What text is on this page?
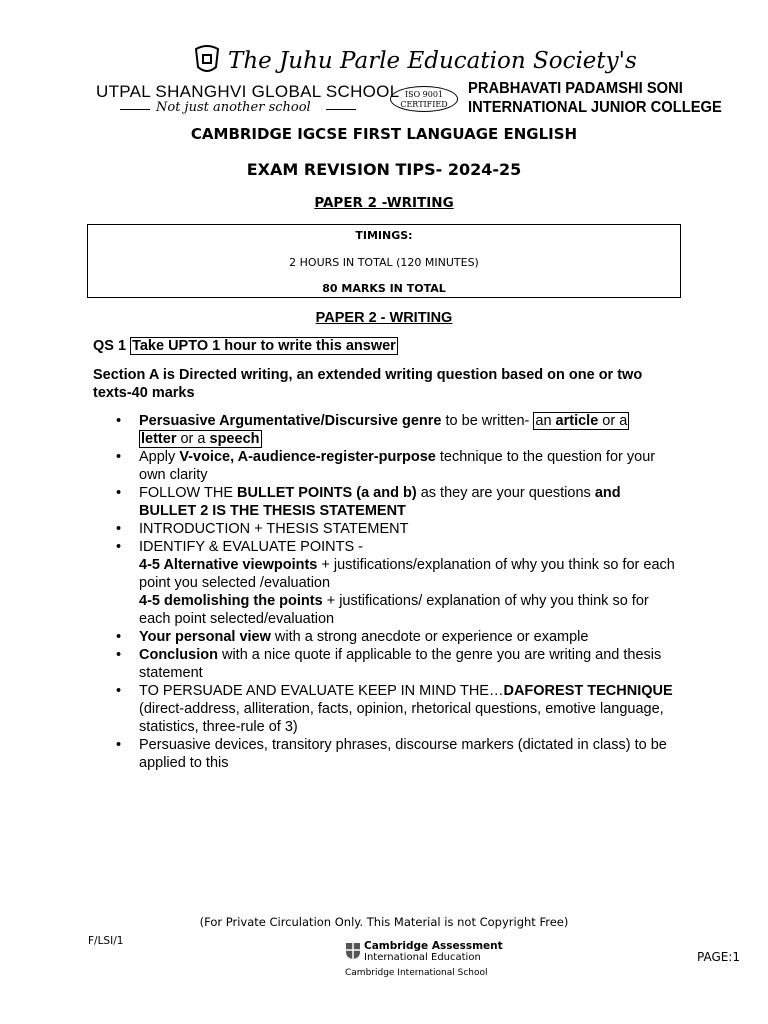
The Juhu Parle Education Society's
UTPAL SHANGHVI GLOBAL SCHOOL
Not just another school
ISO 9001
CERTIFIED
PRABHAVATI PADAMSHI SONI
INTERNATIONAL JUNIOR COLLEGE
CAMBRIDGE IGCSE FIRST LANGUAGE ENGLISH
EXAM REVISION TIPS- 2024-25
PAPER 2 -WRITING
TIMINGS:
2 HOURS IN TOTAL (120 MINUTES)
80 MARKS IN TOTAL
PAPER 2 - WRITING
QS 1 Take UPTO 1 hour to write this answer
Section A is Directed writing, an extended writing question based on one or two texts-40 marks
• Persuasive Argumentative/Discursive genre to be written- an article or a
letter or a speech
• Apply V-voice, A-audience-register-purpose technique to the question for your own clarity
• FOLLOW THE BULLET POINTS (a and b) as they are your questions and BULLET 2 IS THE THESIS STATEMENT
• INTRODUCTION + THESIS STATEMENT
• IDENTIFY & EVALUATE POINTS -
4-5 Alternative viewpoints + justifications/explanation of why you think so for each point you selected /evaluation
4-5 demolishing the points + justifications/ explanation of why you think so for each point selected/evaluation
• Your personal view with a strong anecdote or experience or example
• Conclusion with a nice quote if applicable to the genre you are writing and thesis statement
• TO PERSUADE AND EVALUATE KEEP IN MIND THE…DAFOREST TECHNIQUE (direct-address, alliteration, facts, opinion, rhetorical questions, emotive language, statistics, three-rule of 3)
• Persuasive devices, transitory phrases, discourse markers (dictated in class) to be applied to this
(For Private Circulation Only. This Material is not Copyright Free)
F/LSI/1	Cambridge Assessment
International Education
Cambridge International School
PAGE:1
